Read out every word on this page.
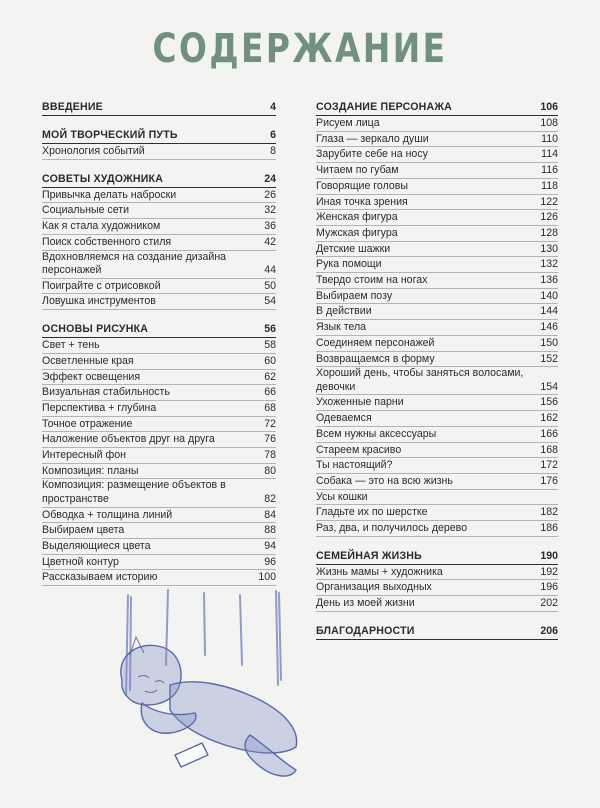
СОДЕРЖАНИЕ
ВВЕДЕНИЕ	4
МОЙ ТВОРЧЕСКИЙ ПУТЬ	6
Хронология событий	8
СОВЕТЫ ХУДОЖНИКА	24
Привычка делать наброски	26
Социальные сети	32
Как я стала художником	36
Поиск собственного стиля	42
Вдохновляемся на создание дизайна персонажей	44
Поиграйте с отрисовкой	50
Ловушка инструментов	54
ОСНОВЫ РИСУНКА	56
Свет + тень	58
Осветленные края	60
Эффект освещения	62
Визуальная стабильность	66
Перспектива + глубина	68
Точное отражение	72
Наложение объектов друг на друга	76
Интересный фон	78
Композиция: планы	80
Композиция: размещение объектов в пространстве	82
Обводка + толщина линий	84
Выбираем цвета	88
Выделяющиеся цвета	94
Цветной контур	96
Рассказываем историю	100
СОЗДАНИЕ ПЕРСОНАЖА	106
Рисуем лица	108
Глаза — зеркало души	110
Зарубите себе на носу	114
Читаем по губам	116
Говорящие головы	118
Иная точка зрения	122
Женская фигура	126
Мужская фигура	128
Детские шажки	130
Рука помощи	132
Твердо стоим на ногах	136
Выбираем позу	140
В действии	144
Язык тела	146
Соединяем персонажей	150
Возвращаемся в форму	152
Хороший день, чтобы заняться волосами, девочки	154
Ухоженные парни	156
Одеваемся	162
Всем нужны аксессуары	166
Стареем красиво	168
Ты настоящий?	172
Собака — это на всю жизнь	176
Усы кошки
Гладьте их по шерстке	182
Раз, два, и получилось дерево	186
СЕМЕЙНАЯ ЖИЗНЬ	190
Жизнь мамы + художника	192
Организация выходных	196
День из моей жизни	202
БЛАГОДАРНОСТИ	206
